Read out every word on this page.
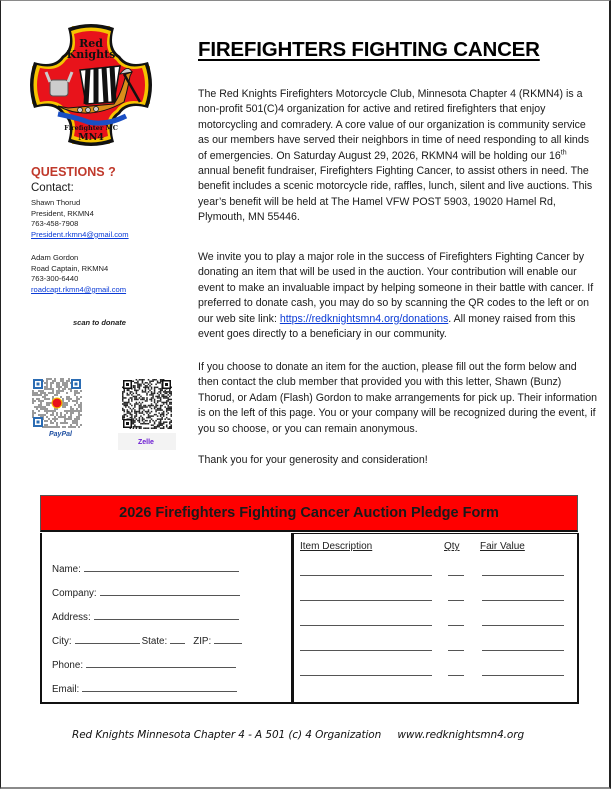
Red
Knights
Firefighter MC
MN4
FIREFIGHTERS FIGHTING CANCER
QUESTIONS ?
Contact:
Shawn Thorud
President, RKMN4
763-458-7908
President.rkmn4@gmail.com
Adam Gordon
Road Captain, RKMN4
763-300-6440
roadcapt.rkmn4@gmail.com
scan to donate
PayPal
Zelle
The Red Knights Firefighters Motorcycle Club, Minnesota Chapter 4 (RKMN4) is a non-profit 501(C)4 organization for active and retired firefighters that enjoy motorcycling and comradery. A core value of our organization is community service as our members have served their neighbors in time of need responding to all kinds of emergencies. On Saturday August 29, 2026, RKMN4 will be holding our 16th annual benefit fundraiser, Firefighters Fighting Cancer, to assist others in need. The benefit includes a scenic motorcycle ride, raffles, lunch, silent and live auctions. This year’s benefit will be held at The Hamel VFW POST 5903, 19020 Hamel Rd, Plymouth, MN 55446.
We invite you to play a major role in the success of Firefighters Fighting Cancer by donating an item that will be used in the auction. Your contribution will enable our event to make an invaluable impact by helping someone in their battle with cancer. If preferred to donate cash, you may do so by scanning the QR codes to the left or on our web site link: https://redknightsmn4.org/donations. All money raised from this event goes directly to a beneficiary in our community.
If you choose to donate an item for the auction, please fill out the form below and then contact the club member that provided you with this letter, Shawn (Bunz) Thorud, or Adam (Flash) Gordon to make arrangements for pick up. Their information is on the left of this page. You or your company will be recognized during the event, if you so choose, or you can remain anonymous.
Thank you for your generosity and consideration!
2026 Firefighters Fighting Cancer Auction Pledge Form
Name:
Company:
Address:
City:	State:	ZIP:
Phone:
Email:
Item Description	Qty Fair Value
Red Knights Minnesota Chapter 4 - A 501 (c) 4 Organization www.redknightsmn4.org
